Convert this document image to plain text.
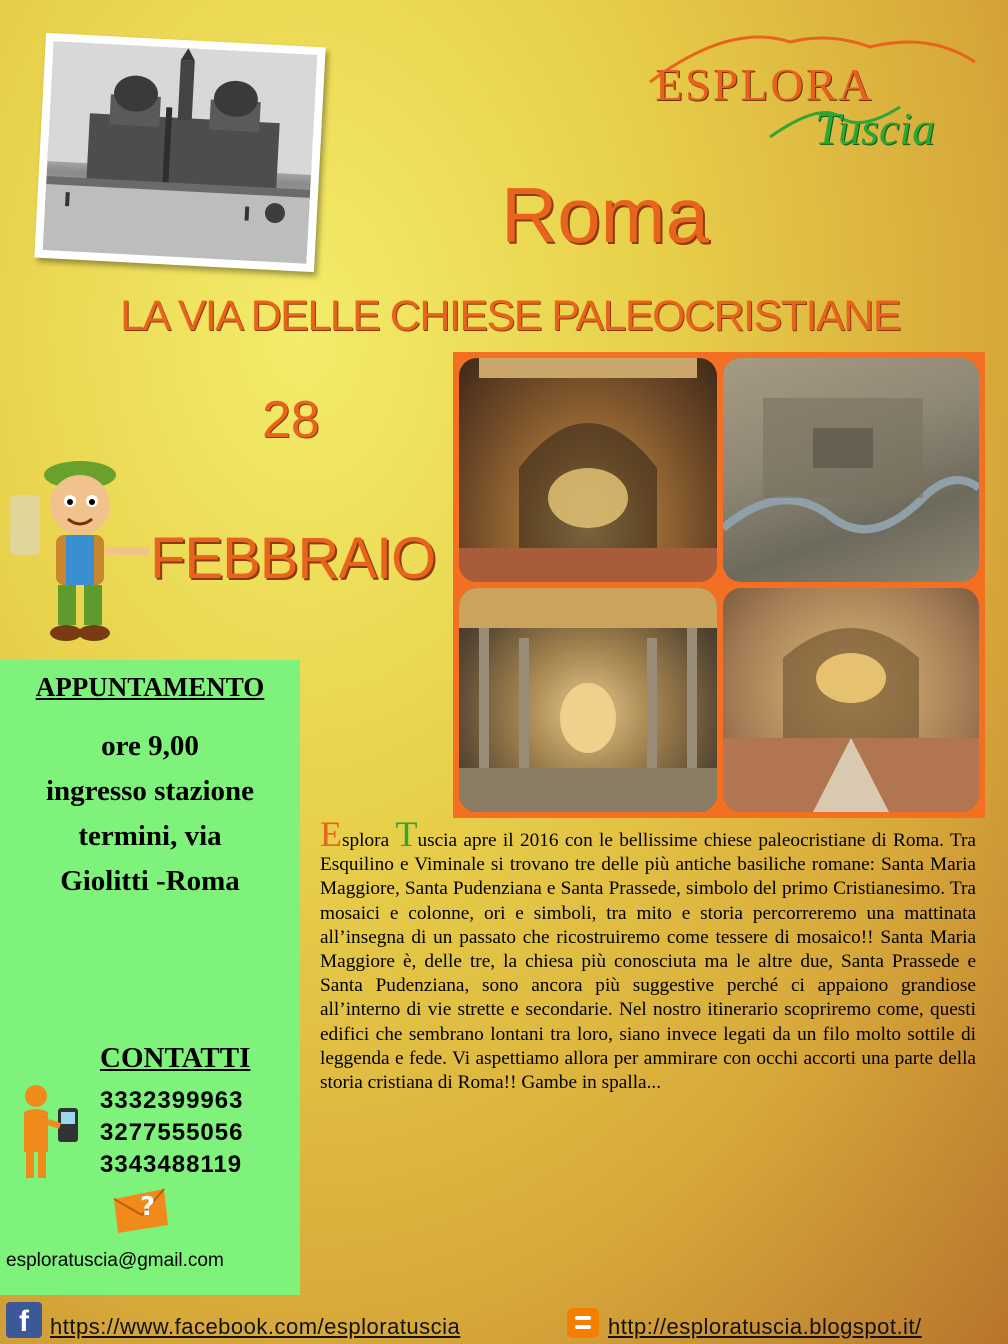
ESPLORA
Tuscia
Roma
LA VIA DELLE CHIESE PALEOCRISTIANE
28
FEBBRAIO
APPUNTAMENTO
ore 9,00
ingresso stazione
termini, via
Giolitti -Roma
CONTATTI
3332399963
3277555056
3343488119
?
esploratuscia@gmail.com
Esplora Tuscia apre il 2016 con le bellissime chiese paleocristiane di Roma. Tra Esquilino e Viminale si trovano tre delle più antiche basiliche romane: Santa Maria Maggiore, Santa Pudenziana e Santa Prassede, simbolo del primo Cristianesimo. Tra mosaici e colonne, ori e simboli, tra mito e storia percorreremo una mattinata all’insegna di un passato che ricostruiremo come tessere di mosaico!! Santa Maria Maggiore è, delle tre, la chiesa più conosciuta ma le altre due, Santa Prassede e Santa Pudenziana, sono ancora più suggestive perché ci appaiono grandiose all’interno di vie strette e secondarie. Nel nostro itinerario scopriremo come, questi edifici che sembrano lontani tra loro, siano invece legati da un filo molto sottile di leggenda e fede. Vi aspettiamo allora per ammirare con occhi accorti una parte della storia cristiana di Roma!! Gambe in spalla...
f https://www.facebook.com/esploratuscia	http://esploratuscia.blogspot.it/
